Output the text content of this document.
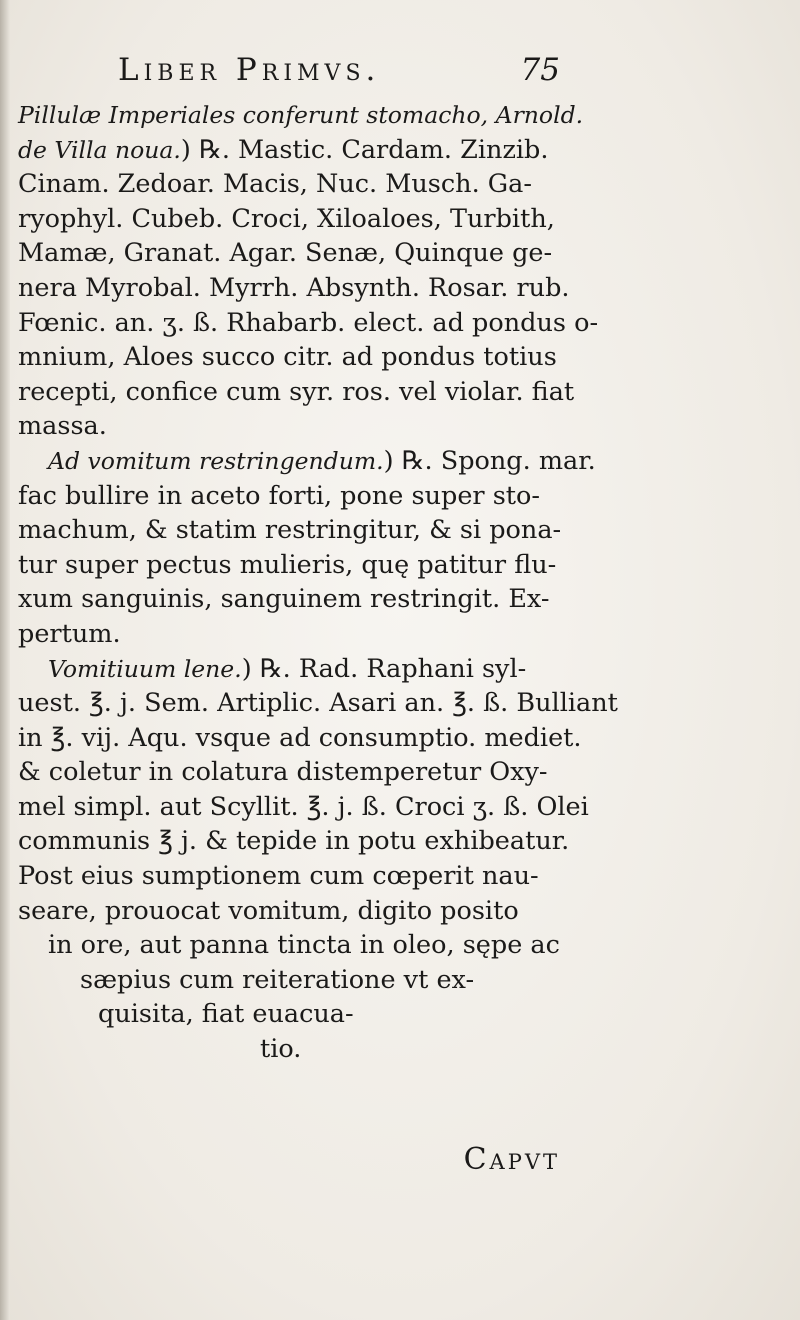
Liber Primvs.	75
Pillulæ Imperiales conferunt stomacho, Arnold.
de Villa noua.) ℞. Mastic. Cardam. Zinzib.
Cinam. Zedoar. Macis, Nuc. Musch. Ga-
ryophyl. Cubeb. Croci, Xiloaloes, Turbith,
Mamæ, Granat. Agar. Senæ, Quinque ge-
nera Myrobal. Myrrh. Absynth. Rosar. rub.
Fœnic. an. ʒ. ß. Rhabarb. elect. ad pondus o-
mnium, Aloes succo citr. ad pondus totius
recepti, confice cum syr. ros. vel violar. fiat
massa.
Ad vomitum restringendum.) ℞. Spong. mar.
fac bullire in aceto forti, pone super sto-
machum, & statim restringitur, & si pona-
tur super pectus mulieris, quę patitur flu-
xum sanguinis, sanguinem restringit. Ex-
pertum.
Vomitiuum lene.) ℞. Rad. Raphani syl-
uest. ℥. j. Sem. Artiplic. Asari an. ℥. ß. Bulliant
in ℥. vij. Aqu. vsque ad consumptio. mediet.
& coletur in colatura distemperetur Oxy-
mel simpl. aut Scyllit. ℥. j. ß. Croci ʒ. ß. Olei
communis ℥ j. & tepide in potu exhibeatur.
Post eius sumptionem cum cœperit nau-
seare, prouocat vomitum, digito posito
in ore, aut panna tincta in oleo, sępe ac
sæpius cum reiteratione vt ex-
quisita, fiat euacua-
tio.
Capvt
